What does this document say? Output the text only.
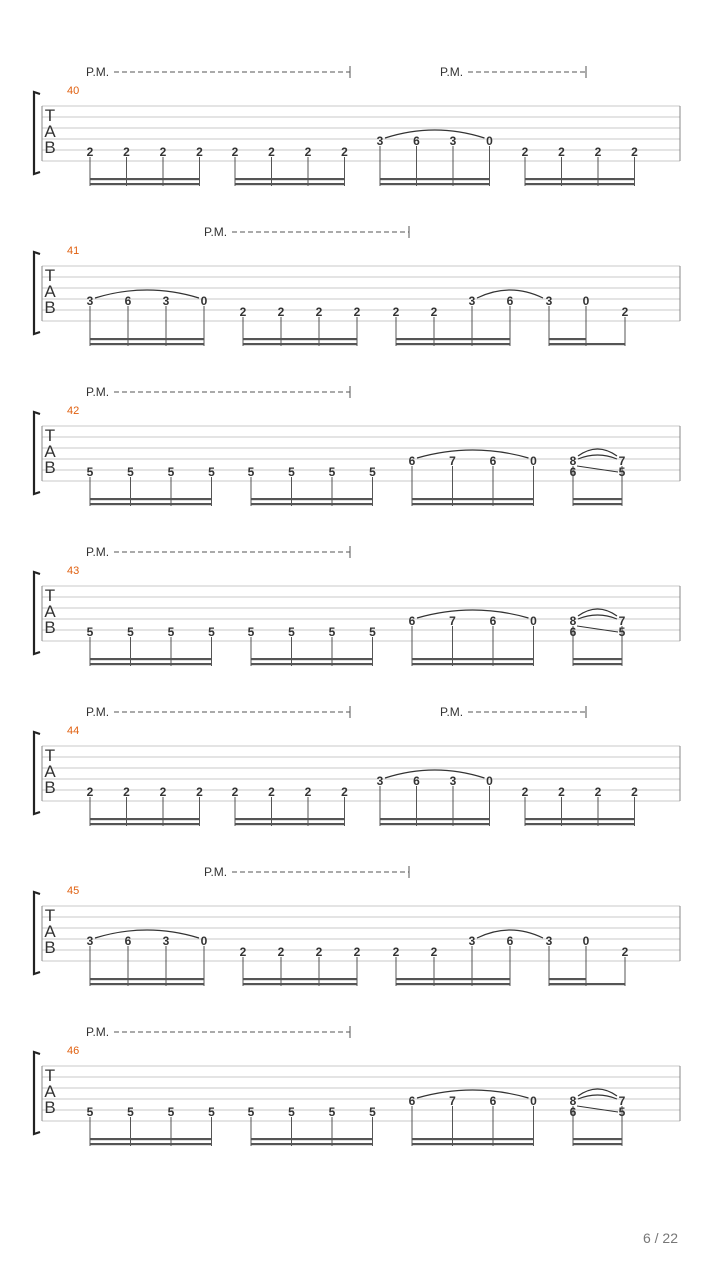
T
A
B
40
P.M.	P.M.
2 2 2 2 2 2 2 2
3 6 3 0
2 2 2 2
T
A
B
41
P.M.
3	6	3	0
2	2	2	2	2	2
3	6	3	0
2
T
A
B
42
P.M.
5	5	5	5	5	5	5	5
6	7	6	0	8
6
7
5
T
A
B
43
P.M.
5	5	5	5	5	5	5	5
6	7	6	0	8
6
7
5
T
A
B
44
P.M.	P.M.
2 2 2 2 2 2 2 2
3 6 3 0
2 2 2 2
T
A
B
45
P.M.
3	6	3	0
2	2	2	2	2	2
3	6	3	0
2
T
A
B
46
P.M.
5	5	5	5	5	5	5	5
6	7	6	0	8
6
7
5
6 / 22
